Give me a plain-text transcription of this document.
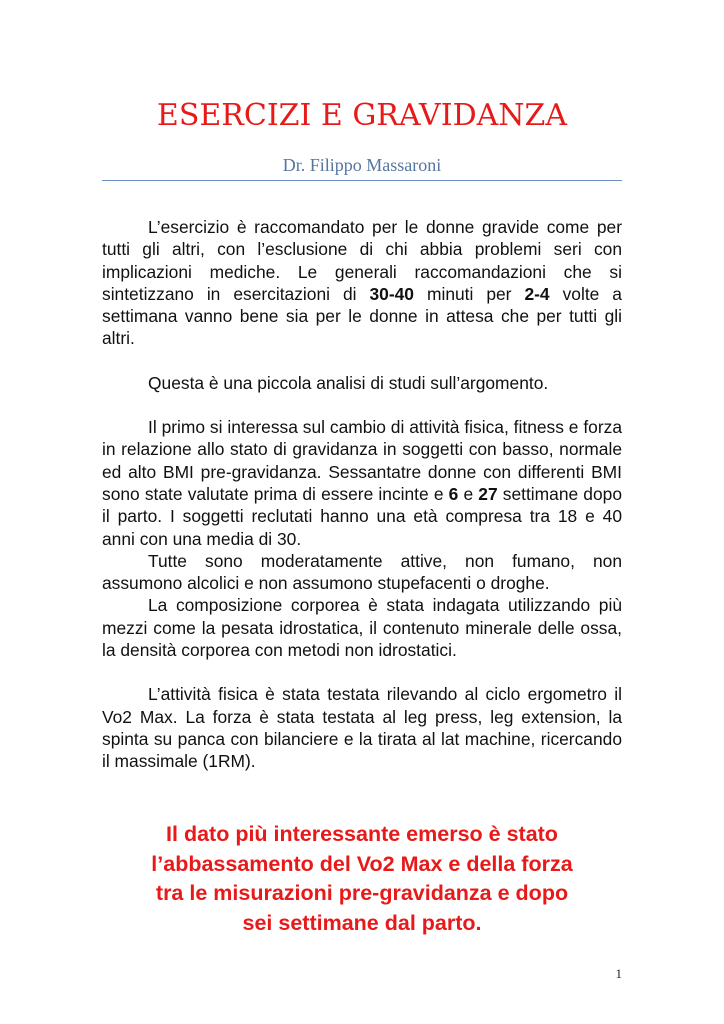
ESERCIZI E GRAVIDANZA
Dr. Filippo Massaroni

L’esercizio è raccomandato per le donne gravide come per tutti gli altri, con l’esclusione di chi abbia problemi seri con implicazioni mediche. Le generali raccomandazioni che si sintetizzano in esercitazioni di 30-40 minuti per 2-4 volte a settimana vanno bene sia per le donne in attesa che per tutti gli altri.

Questa è una piccola analisi di studi sull’argomento.

Il primo si interessa sul cambio di attività fisica, fitness e forza in relazione allo stato di gravidanza in soggetti con basso, normale ed alto BMI pre-gravidanza. Sessantatre donne con differenti BMI sono state valutate prima di essere incinte e 6 e 27 settimane dopo il parto. I soggetti reclutati hanno una età compresa tra 18 e 40 anni con una media di 30.

Tutte sono moderatamente attive, non fumano, non assumono alcolici e non assumono stupefacenti o droghe.

La composizione corporea è stata indagata utilizzando più mezzi come la pesata idrostatica, il contenuto minerale delle ossa, la densità corporea con metodi non idrostatici.

L’attività fisica è stata testata rilevando al ciclo ergometro il Vo2 Max. La forza è stata testata al leg press, leg extension, la spinta su panca con bilanciere e la tirata al lat machine, ricercando il massimale (1RM).

Il dato più interessante emerso è stato
l’abbassamento del Vo2 Max e della forza
tra le misurazioni pre-gravidanza e dopo
sei settimane dal parto.
1
